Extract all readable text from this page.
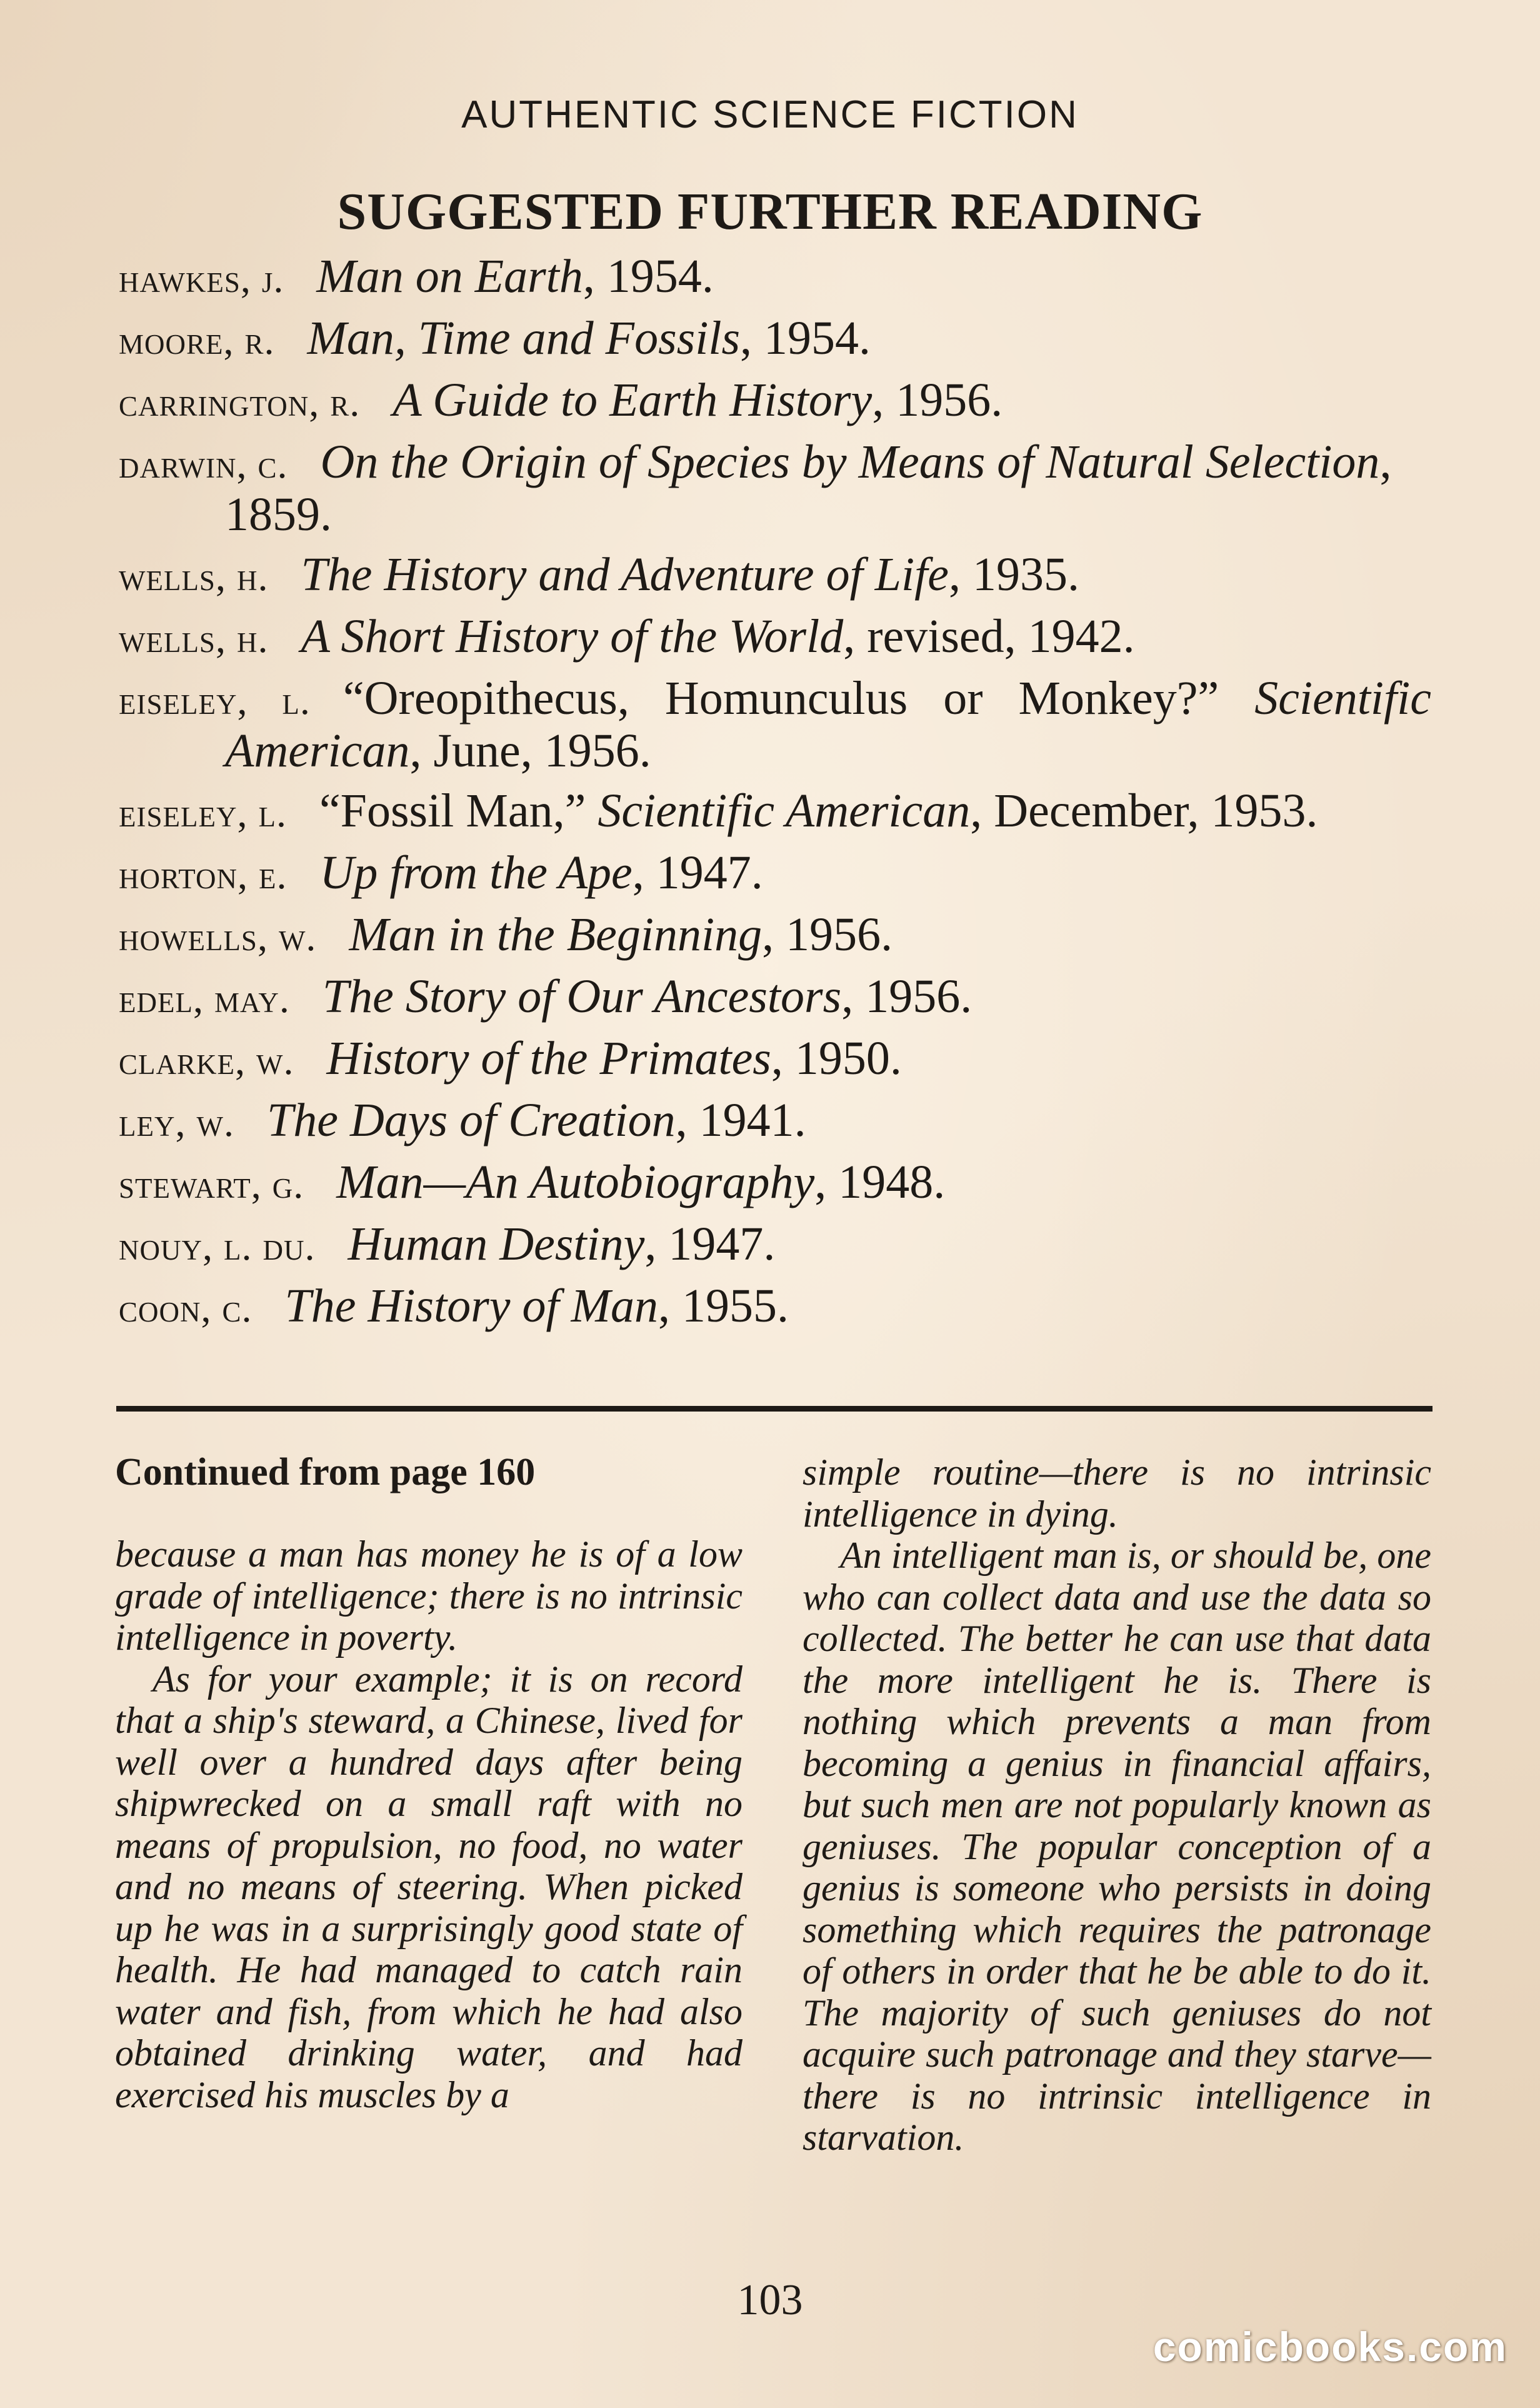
AUTHENTIC SCIENCE FICTION
SUGGESTED FURTHER READING
hawkes, j. Man on Earth, 1954.
moore, r. Man, Time and Fossils, 1954.
carrington, r. A Guide to Earth History, 1956.
darwin, c. On the Origin of Species by Means of Natural Selection, 1859.
wells, h. The History and Adventure of Life, 1935.
wells, h. A Short History of the World, revised, 1942.
eiseley, l. “Oreopithecus, Homunculus or Monkey?” Scientific American, June, 1956.
eiseley, l. “Fossil Man,” Scientific American, December, 1953.
horton, e. Up from the Ape, 1947.
howells, w. Man in the Beginning, 1956.
edel, may. The Story of Our Ancestors, 1956.
clarke, w. History of the Primates, 1950.
ley, w. The Days of Creation, 1941.
stewart, g. Man—An Autobiography, 1948.
nouy, l. du. Human Destiny, 1947.
coon, c. The History of Man, 1955.

Continued from page 160

because a man has money he is of a low grade of intelligence; there is no intrinsic intelligence in poverty.

As for your example; it is on record that a ship's steward, a Chinese, lived for well over a hundred days after being shipwrecked on a small raft with no means of propulsion, no food, no water and no means of steering. When picked up he was in a surprisingly good state of health. He had managed to catch rain water and fish, from which he had also obtained drinking water, and had exercised his muscles by a

simple routine—there is no intrinsic intelligence in dying.

An intelligent man is, or should be, one who can collect data and use the data so collected. The better he can use that data the more intelligent he is. There is nothing which prevents a man from becoming a genius in financial affairs, but such men are not popularly known as geniuses. The popular conception of a genius is someone who persists in doing something which requires the patronage of others in order that he be able to do it. The majority of such geniuses do not acquire such patronage and they starve—there is no intrinsic intelligence in starvation.

103
comicbooks.com
